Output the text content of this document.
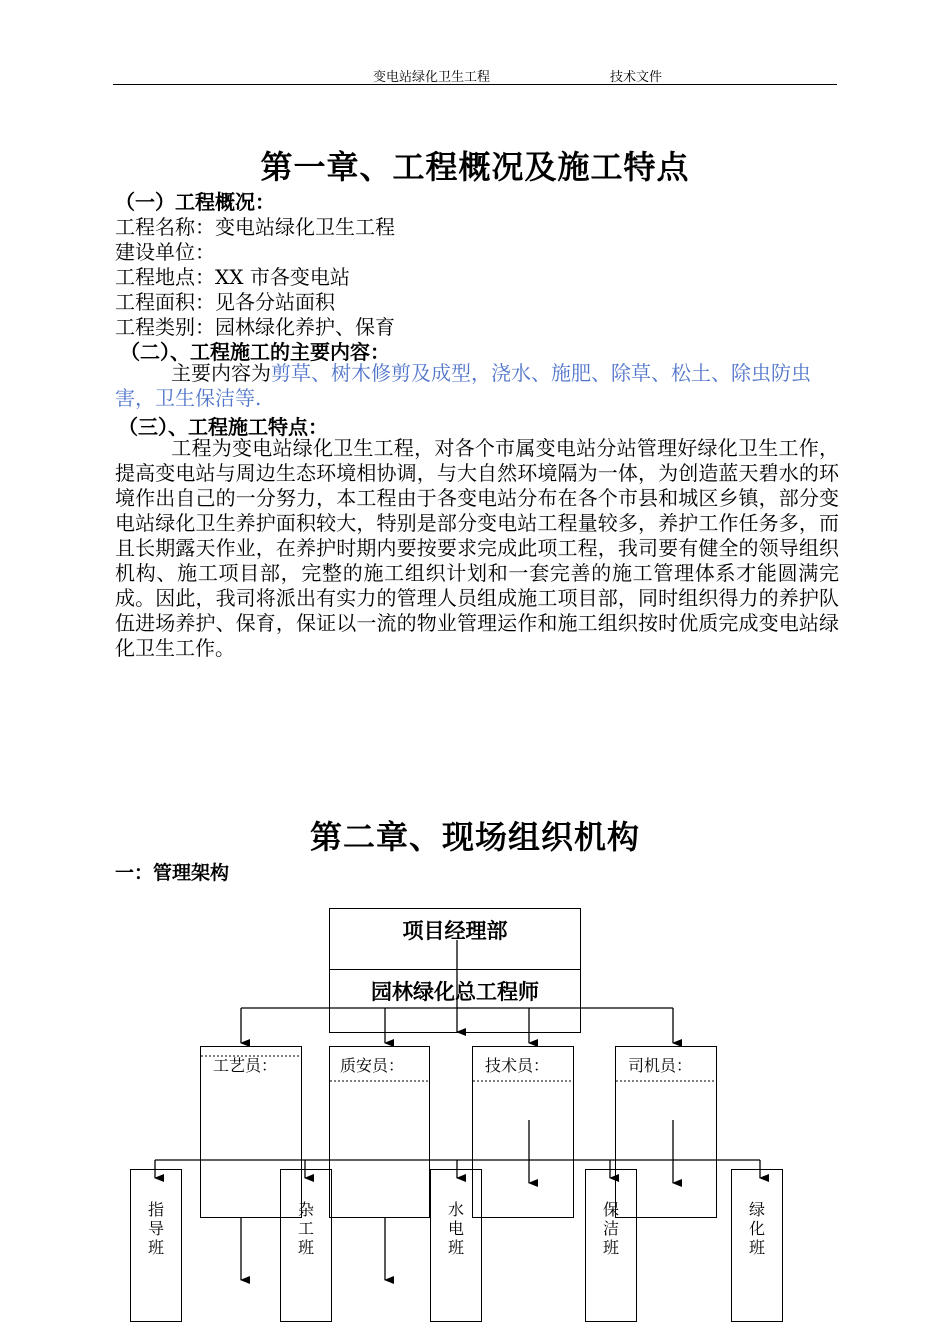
变电站绿化卫生工程	技术文件
第一章、工程概况及施工特点
（一）工程概况：
工程名称：变电站绿化卫生工程
建设单位：
工程地点：XX 市各变电站
工程面积：见各分站面积
工程类别：园林绿化养护、保育
（二）、工程施工的主要内容：
主要内容为剪草、树木修剪及成型，浇水、施肥、除草、松土、除虫防虫
害，卫生保洁等.
（三）、工程施工特点：
工程为变电站绿化卫生工程，对各个市属变电站分站管理好绿化卫生工作，提高变电站与周边生态环境相协调，与大自然环境隔为一体，为创造蓝天碧水的环境作出自己的一分努力，本工程由于各变电站分布在各个市县和城区乡镇，部分变电站绿化卫生养护面积较大，特别是部分变电站工程量较多，养护工作任务多，而且长期露天作业，在养护时期内要按要求完成此项工程，我司要有健全的领导组织机构、施工项目部，完整的施工组织计划和一套完善的施工管理体系才能圆满完成。因此，我司将派出有实力的管理人员组成施工项目部，同时组织得力的养护队伍进场养护、保育，保证以一流的物业管理运作和施工组织按时优质完成变电站绿化卫生工作。
第二章、现场组织机构
一：管理架构
项目经理部
园林绿化总工程师
工艺员：	质安员：	技术员：	司机员：
指
导
班
杂
工
班
水
电
班
保
洁
班
绿
化
班
